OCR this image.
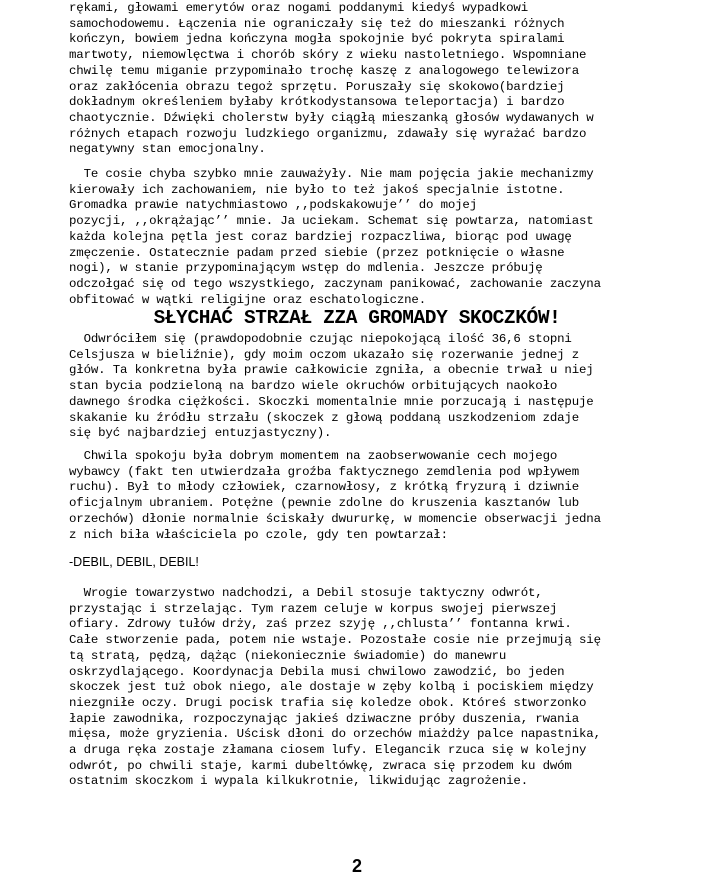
rękami, głowami emerytów oraz nogami poddanymi kiedyś wypadkowi
samochodowemu. Łączenia nie ograniczały się też do mieszanki różnych
kończyn, bowiem jedna kończyna mogła spokojnie być pokryta spiralami
martwoty, niemowlęctwa i chorób skóry z wieku nastoletniego. Wspomniane
chwilę temu miganie przypominało trochę kaszę z analogowego telewizora
oraz zakłócenia obrazu tegoż sprzętu. Poruszały się skokowo(bardziej
dokładnym określeniem byłaby krótkodystansowa teleportacja) i bardzo
chaotycznie. Dźwięki cholerstw były ciągłą mieszanką głosów wydawanych w
różnych etapach rozwoju ludzkiego organizmu, zdawały się wyrażać bardzo
negatywny stan emocjonalny.
Te cosie chyba szybko mnie zauważyły. Nie mam pojęcia jakie mechanizmy
kierowały ich zachowaniem, nie było to też jakoś specjalnie istotne.
Gromadka prawie natychmiastowo ,,podskakowuje’’ do mojej
pozycji, ,,okrążając’’ mnie. Ja uciekam. Schemat się powtarza, natomiast
każda kolejna pętla jest coraz bardziej rozpaczliwa, biorąc pod uwagę
zmęczenie. Ostatecznie padam przed siebie (przez potknięcie o własne
nogi), w stanie przypominającym wstęp do mdlenia. Jeszcze próbuję
odczołgać się od tego wszystkiego, zaczynam panikować, zachowanie zaczyna
obfitować w wątki religijne oraz eschatologiczne.
SŁYCHAĆ STRZAŁ ZZA GROMADY SKOCZKÓW!
Odwróciłem się (prawdopodobnie czując niepokojącą ilość 36,6 stopni
Celsjusza w bieliźnie), gdy moim oczom ukazało się rozerwanie jednej z
głów. Ta konkretna była prawie całkowicie zgniła, a obecnie trwał u niej
stan bycia podzieloną na bardzo wiele okruchów orbitujących naokoło
dawnego środka ciężkości. Skoczki momentalnie mnie porzucają i następuje
skakanie ku źródłu strzału (skoczek z głową poddaną uszkodzeniom zdaje
się być najbardziej entuzjastyczny).
Chwila spokoju była dobrym momentem na zaobserwowanie cech mojego
wybawcy (fakt ten utwierdzała groźba faktycznego zemdlenia pod wpływem
ruchu). Był to młody człowiek, czarnowłosy, z krótką fryzurą i dziwnie
oficjalnym ubraniem. Potężne (pewnie zdolne do kruszenia kasztanów lub
orzechów) dłonie normalnie ściskały dwururkę, w momencie obserwacji jedna
z nich biła właściciela po czole, gdy ten powtarzał:

-DEBIL, DEBIL, DEBIL!

Wrogie towarzystwo nadchodzi, a Debil stosuje taktyczny odwrót,
przystając i strzelając. Tym razem celuje w korpus swojej pierwszej
ofiary. Zdrowy tułów drży, zaś przez szyję ,,chlusta’’ fontanna krwi.
Całe stworzenie pada, potem nie wstaje. Pozostałe cosie nie przejmują się
tą stratą, pędzą, dążąc (niekoniecznie świadomie) do manewru
oskrzydlającego. Koordynacja Debila musi chwilowo zawodzić, bo jeden
skoczek jest tuż obok niego, ale dostaje w zęby kolbą i pociskiem między
niezgniłe oczy. Drugi pocisk trafia się koledze obok. Któreś stworzonko
łapie zawodnika, rozpoczynając jakieś dziwaczne próby duszenia, rwania
mięsa, może gryzienia. Uścisk dłoni do orzechów miażdży palce napastnika,
a druga ręka zostaje złamana ciosem lufy. Elegancik rzuca się w kolejny
odwrót, po chwili staje, karmi dubeltówkę, zwraca się przodem ku dwóm
ostatnim skoczkom i wypala kilkukrotnie, likwidując zagrożenie.
2
